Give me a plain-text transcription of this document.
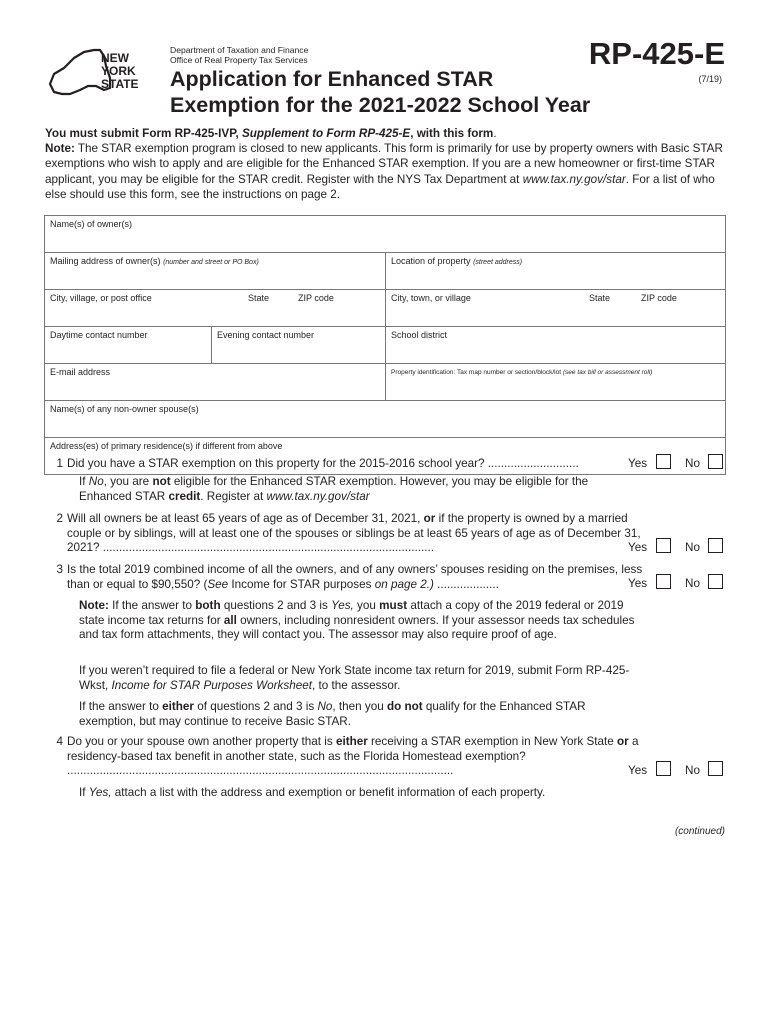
NEW
YORK
STATE
Department of Taxation and Finance
Office of Real Property Tax Services
Application for Enhanced STAR
Exemption for the 2021-2022 School Year
RP-425-E
(7/19)
You must submit Form RP-425-IVP, Supplement to Form RP-425-E, with this form.
Note: The STAR exemption program is closed to new applicants. This form is primarily for use by property owners with Basic STAR exemptions who wish to apply and are eligible for the Enhanced STAR exemption. If you are a new homeowner or first-time STAR applicant, you may be eligible for the STAR credit. Register with the NYS Tax Department at www.tax.ny.gov/star. For a list of who else should use this form, see the instructions on page 2.
Name(s) of owner(s)		
Mailing address of owner(s) (number and street or PO Box)		Location of property (street address)
City, village, or post office State ZIP code		City, town, or village State ZIP code
Daytime contact number	Evening contact number	School district
E-mail address		Property identification: Tax map number or section/block/lot (see tax bill or assessment roll)
Name(s) of any non-owner spouse(s)		
Address(es) of primary residence(s) if different from above		
1 Did you have a STAR exemption on this property for the 2015-2016 school year? ............................	Yes	No
If No, you are not eligible for the Enhanced STAR exemption. However, you may be eligible for the Enhanced STAR credit. Register at www.tax.ny.gov/star
2 Will all owners be at least 65 years of age as of December 31, 2021, or if the property is owned by a married couple or by siblings, will at least one of the spouses or siblings be at least 65 years of age as of December 31, 2021? ......................................................................................................	Yes	No
3 Is the total 2019 combined income of all the owners, and of any owners’ spouses residing on the premises, less than or equal to $90,550? (See Income for STAR purposes on page 2.) ...................	Yes	No
Note: If the answer to both questions 2 and 3 is Yes, you must attach a copy of the 2019 federal or 2019 state income tax returns for all owners, including nonresident owners. If your assessor needs tax schedules and tax form attachments, they will contact you. The assessor may also require proof of age.
If you weren’t required to file a federal or New York State income tax return for 2019, submit Form RP-425-Wkst, Income for STAR Purposes Worksheet, to the assessor.
If the answer to either of questions 2 and 3 is No, then you do not qualify for the Enhanced STAR exemption, but may continue to receive Basic STAR.
4 Do you or your spouse own another property that is either receiving a STAR exemption in New York State or a residency-based tax benefit in another state, such as the Florida Homestead exemption? .......................................................................................................................	Yes	No
If Yes, attach a list with the address and exemption or benefit information of each property.
(continued)
